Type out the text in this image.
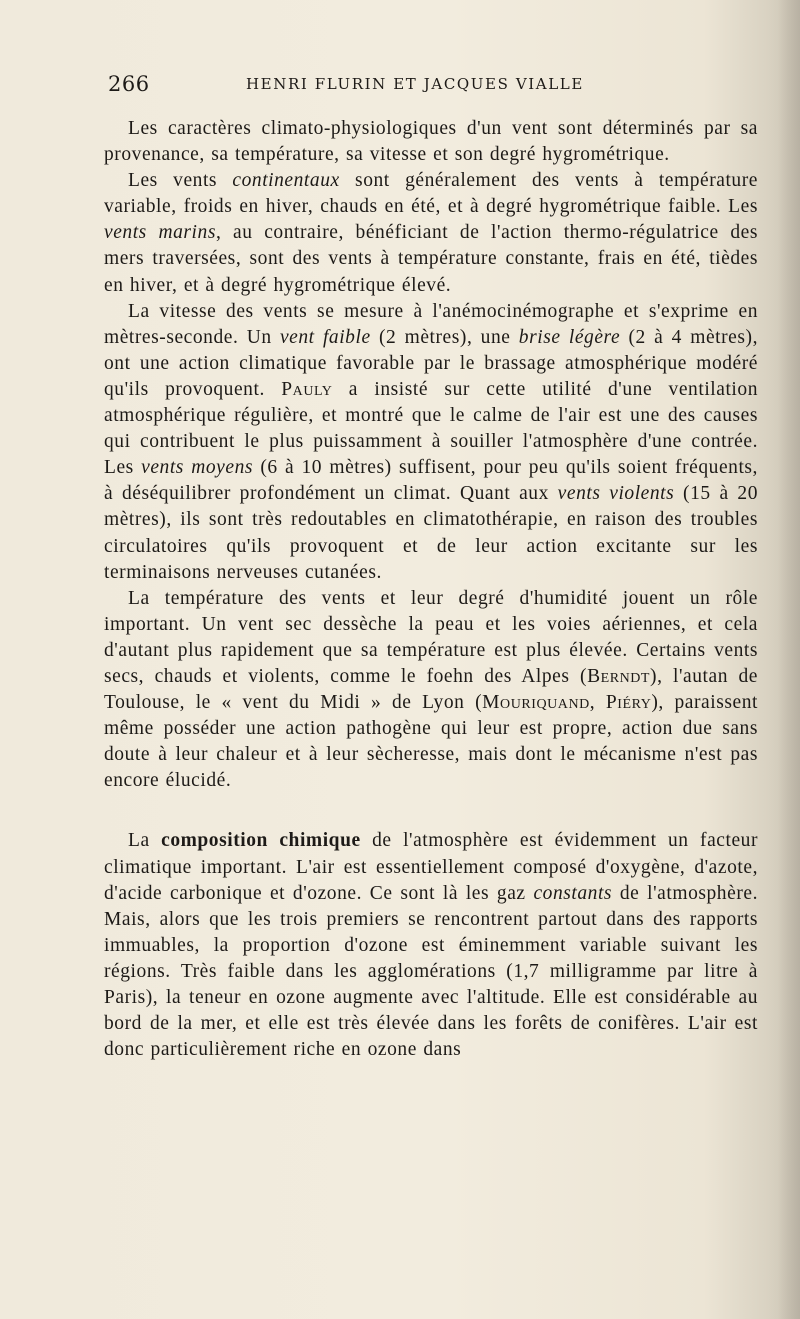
266	HENRI FLURIN ET JACQUES VIALLE

Les caractères climato-physiologiques d'un vent sont déterminés par sa provenance, sa température, sa vitesse et son degré hygrométrique.

Les vents continentaux sont généralement des vents à température variable, froids en hiver, chauds en été, et à degré hygrométrique faible. Les vents marins, au contraire, bénéficiant de l'action thermo-régulatrice des mers traversées, sont des vents à température constante, frais en été, tièdes en hiver, et à degré hygrométrique élevé.

La vitesse des vents se mesure à l'anémocinémographe et s'exprime en mètres-seconde. Un vent faible (2 mètres), une brise légère (2 à 4 mètres), ont une action climatique favorable par le brassage atmosphérique modéré qu'ils provoquent. Pauly a insisté sur cette utilité d'une ventilation atmosphérique régulière, et montré que le calme de l'air est une des causes qui contribuent le plus puissamment à souiller l'atmosphère d'une contrée. Les vents moyens (6 à 10 mètres) suffisent, pour peu qu'ils soient fréquents, à déséquilibrer profondément un climat. Quant aux vents violents (15 à 20 mètres), ils sont très redoutables en climatothérapie, en raison des troubles circulatoires qu'ils provoquent et de leur action excitante sur les terminaisons nerveuses cutanées.

La température des vents et leur degré d'humidité jouent un rôle important. Un vent sec dessèche la peau et les voies aériennes, et cela d'autant plus rapidement que sa température est plus élevée. Certains vents secs, chauds et violents, comme le foehn des Alpes (Berndt), l'autan de Toulouse, le « vent du Midi » de Lyon (Mouriquand, Piéry), paraissent même posséder une action pathogène qui leur est propre, action due sans doute à leur chaleur et à leur sècheresse, mais dont le mécanisme n'est pas encore élucidé.

La composition chimique de l'atmosphère est évidemment un facteur climatique important. L'air est essentiellement composé d'oxygène, d'azote, d'acide carbonique et d'ozone. Ce sont là les gaz constants de l'atmosphère. Mais, alors que les trois premiers se rencontrent partout dans des rapports immuables, la proportion d'ozone est éminemment variable suivant les régions. Très faible dans les agglomérations (1,7 milligramme par litre à Paris), la teneur en ozone augmente avec l'altitude. Elle est considérable au bord de la mer, et elle est très élevée dans les forêts de conifères. L'air est donc particulièrement riche en ozone dans
